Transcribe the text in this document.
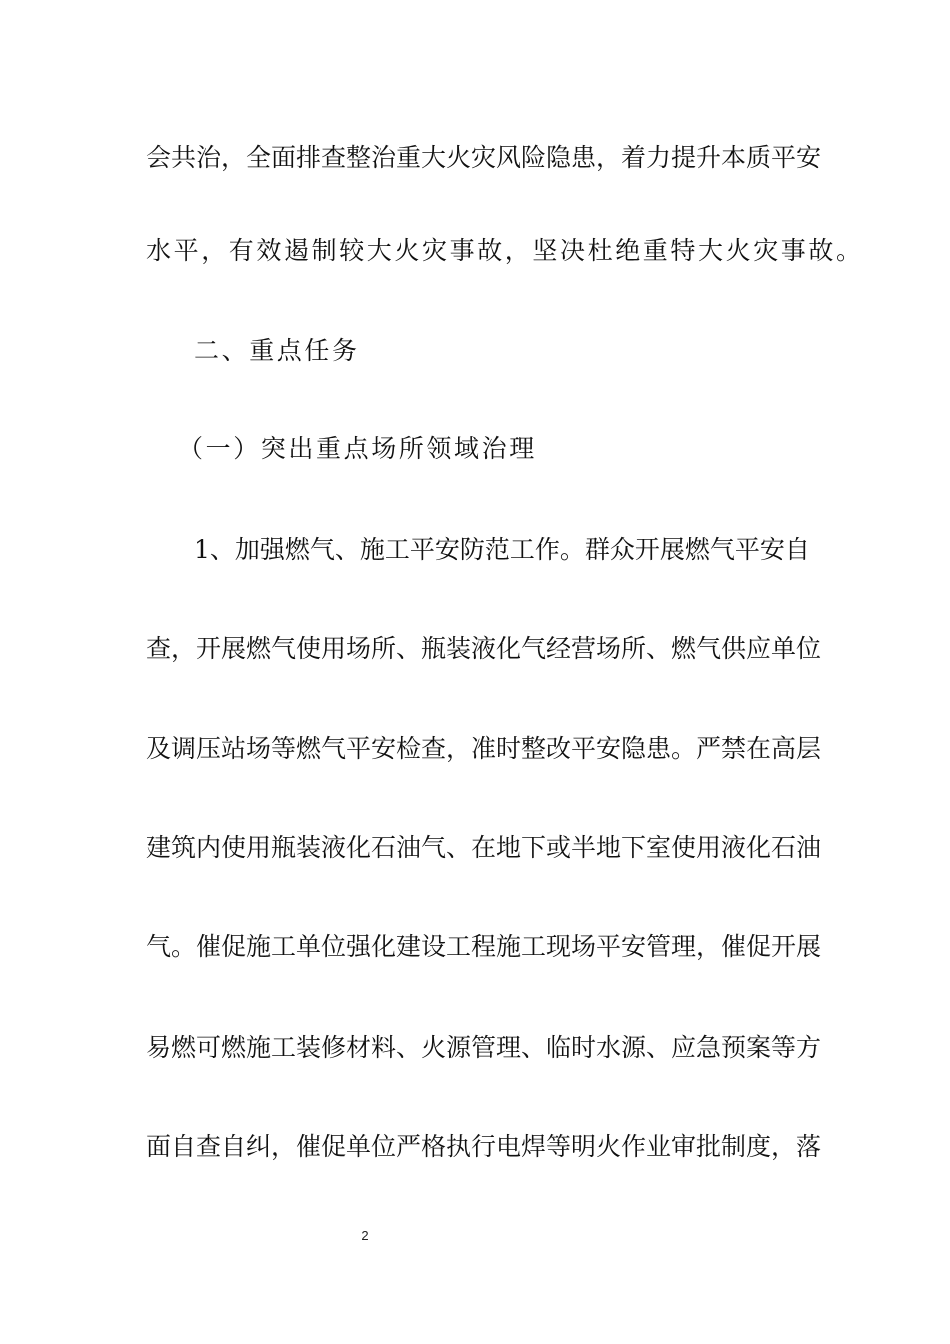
会共治，全面排查整治重大火灾风险隐患，着力提升本质平安
水平，有效遏制较大火灾事故，坚决杜绝重特大火灾事故。
二、重点任务
（一）突出重点场所领域治理
1、加强燃气、施工平安防范工作。群众开展燃气平安自
查，开展燃气使用场所、瓶装液化气经营场所、燃气供应单位
及调压站场等燃气平安检查，准时整改平安隐患。严禁在高层
建筑内使用瓶装液化石油气、在地下或半地下室使用液化石油
气。催促施工单位强化建设工程施工现场平安管理，催促开展
易燃可燃施工装修材料、火源管理、临时水源、应急预案等方
面自查自纠，催促单位严格执行电焊等明火作业审批制度，落
2
